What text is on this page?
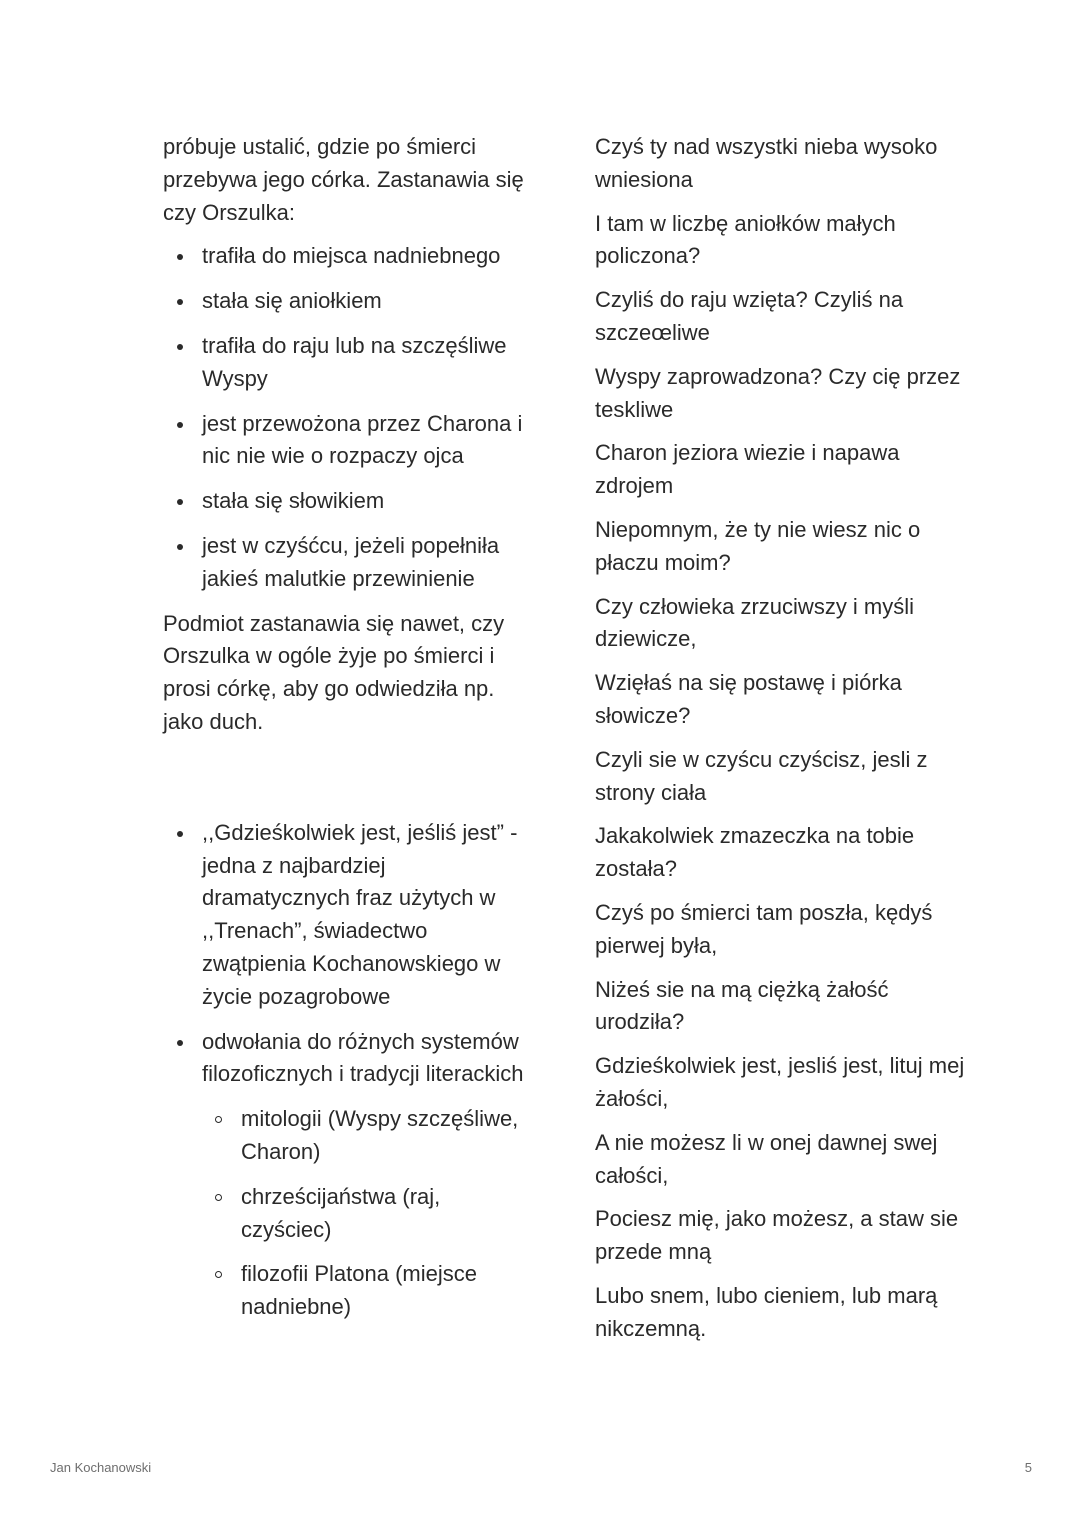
próbuje ustalić, gdzie po śmierci przebywa jego córka. Zastanawia się czy Orszulka:

trafiła do miejsca nadniebnego
stała się aniołkiem
trafiła do raju lub na szczęśliwe Wyspy
jest przewożona przez Charona i nic nie wie o rozpaczy ojca
stała się słowikiem
jest w czyśćcu, jeżeli popełniła jakieś malutkie przewinienie

Podmiot zastanawia się nawet, czy Orszulka w ogóle żyje po śmierci i prosi córkę, aby go odwiedziła np. jako duch.

,,Gdzieśkolwiek jest, jeśliś jest” - jedna z najbardziej dramatycznych fraz użytych w ,,Trenach”, świadectwo zwątpienia Kochanowskiego w życie pozagrobowe
odwołania do różnych systemów filozoficznych i tradycji literackich
mitologii (Wyspy szczęśliwe, Charon)
chrześcijaństwa (raj, czyściec)
filozofii Platona (miejsce nadniebne)

Czyś ty nad wszystki nieba wysoko wniesiona

I tam w liczbę aniołków małych policzona?

Czyliś do raju wzięta? Czyliś na szczeœliwe

Wyspy zaprowadzona? Czy cię przez teskliwe

Charon jeziora wiezie i napawa zdrojem

Niepomnym, że ty nie wiesz nic o płaczu moim?

Czy człowieka zrzuciwszy i myśli dziewicze,

Wzięłaś na się postawę i piórka słowicze?

Czyli sie w czyścu czyścisz, jesli z strony ciała

Jakakolwiek zmazeczka na tobie została?

Czyś po śmierci tam poszła, kędyś pierwej była,

Niżeś sie na mą ciężką żałość urodziła?

Gdzieśkolwiek jest, jesliś jest, lituj mej żałości,

A nie możesz li w onej dawnej swej całości,

Pociesz mię, jako możesz, a staw sie przede mną

Lubo snem, lubo cieniem, lub marą nikczemną.

Jan Kochanowski	5
